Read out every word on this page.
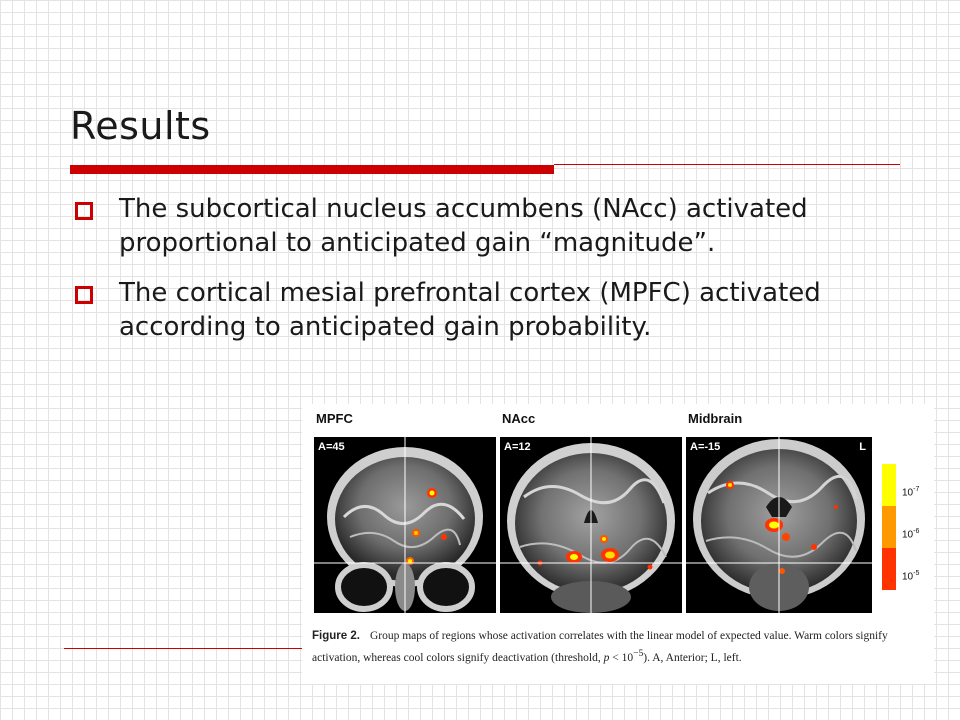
Results
The subcortical nucleus accumbens (NAcc) activated proportional to anticipated gain “magnitude”.
The cortical mesial prefrontal cortex (MPFC) activated according to anticipated gain probability.
MPFC	NAcc	Midbrain
A=45	A=12	A=-15	L
$10^{-7}$
$10^{-6}$
$10^{-5}$
Figure 2. Group maps of regions whose activation correlates with the linear model of expected value. Warm colors signify activation, whereas cool colors signify deactivation (threshold, $p < 10^{-5}$). A, Anterior; L, left.
